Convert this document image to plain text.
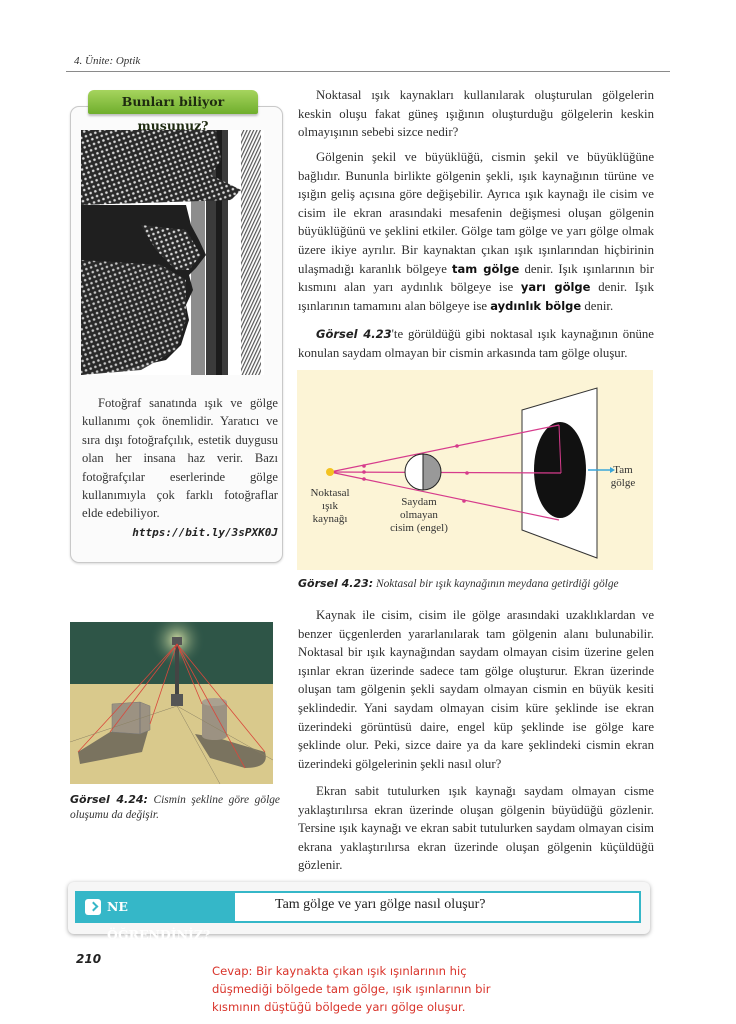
4. Ünite: Optik
Bunları biliyor musunuz?
Fotoğraf sanatında ışık ve gölge kullanımı çok önemlidir. Yaratıcı ve sıra dışı fotoğrafçılık, estetik duygusu olan her insana haz verir. Bazı fotoğrafçılar eserlerinde gölge kullanımıyla çok farklı fotoğraflar elde edebiliyor.
https://bit.ly/3sPXK0J
Noktasal ışık kaynakları kullanılarak oluşturulan gölgelerin keskin oluşu fakat güneş ışığının oluşturduğu gölgelerin keskin olmayışının sebebi sizce nedir?
Gölgenin şekil ve büyüklüğü, cismin şekil ve büyüklüğüne bağlıdır. Bununla birlikte gölgenin şekli, ışık kaynağının türüne ve ışığın geliş açısına göre değişebilir. Ayrıca ışık kaynağı ile cisim ve cisim ile ekran arasındaki mesafenin değişmesi oluşan gölgenin büyüklüğünü ve şeklini etkiler. Gölge tam gölge ve yarı gölge olmak üzere ikiye ayrılır. Bir kaynaktan çıkan ışık ışınlarından hiçbirinin ulaşmadığı karanlık bölgeye tam gölge denir. Işık ışınlarının bir kısmını alan yarı aydınlık bölgeye ise yarı gölge denir. Işık ışınlarının tamamını alan bölgeye ise aydınlık bölge denir.
Görsel 4.23'te görüldüğü gibi noktasal ışık kaynağının önüne konulan saydam olmayan bir cismin arkasında tam gölge oluşur.
Noktasal
ışık
kaynağı
Saydam
olmayan
cisim (engel)
Tam
gölge
Görsel 4.23: Noktasal bir ışık kaynağının meydana getirdiği gölge
Görsel 4.24: Cismin şekline göre gölge oluşumu da değişir.
Kaynak ile cisim, cisim ile gölge arasındaki uzaklıklardan ve benzer üçgenlerden yararlanılarak tam gölgenin alanı bulunabilir. Noktasal bir ışık kaynağından saydam olmayan cisim üzerine gelen ışınlar ekran üzerinde sadece tam gölge oluşturur. Ekran üzerinde oluşan tam gölgenin şekli saydam olmayan cismin en büyük kesiti şeklindedir. Yani saydam olmayan cisim küre şeklinde ise ekran üzerindeki görüntüsü daire, engel küp şeklinde ise gölge kare şeklinde olur. Peki, sizce daire ya da kare şeklindeki cismin ekran üzerindeki gölgelerinin şekli nasıl olur?
Ekran sabit tutulurken ışık kaynağı saydam olmayan cisme yaklaştırılırsa ekran üzerinde oluşan gölgenin büyüdüğü gözlenir. Tersine ışık kaynağı ve ekran sabit tutulurken saydam olmayan cisim ekrana yaklaştırılırsa ekran üzerinde oluşan gölgenin küçüldüğü gözlenir.
NE ÖĞRENDİNİZ?
Tam gölge ve yarı gölge nasıl oluşur?
210
Cevap: Bir kaynakta çıkan ışık ışınlarının hiç düşmediği bölgede tam gölge, ışık ışınlarının bir kısmının düştüğü bölgede yarı gölge oluşur.
